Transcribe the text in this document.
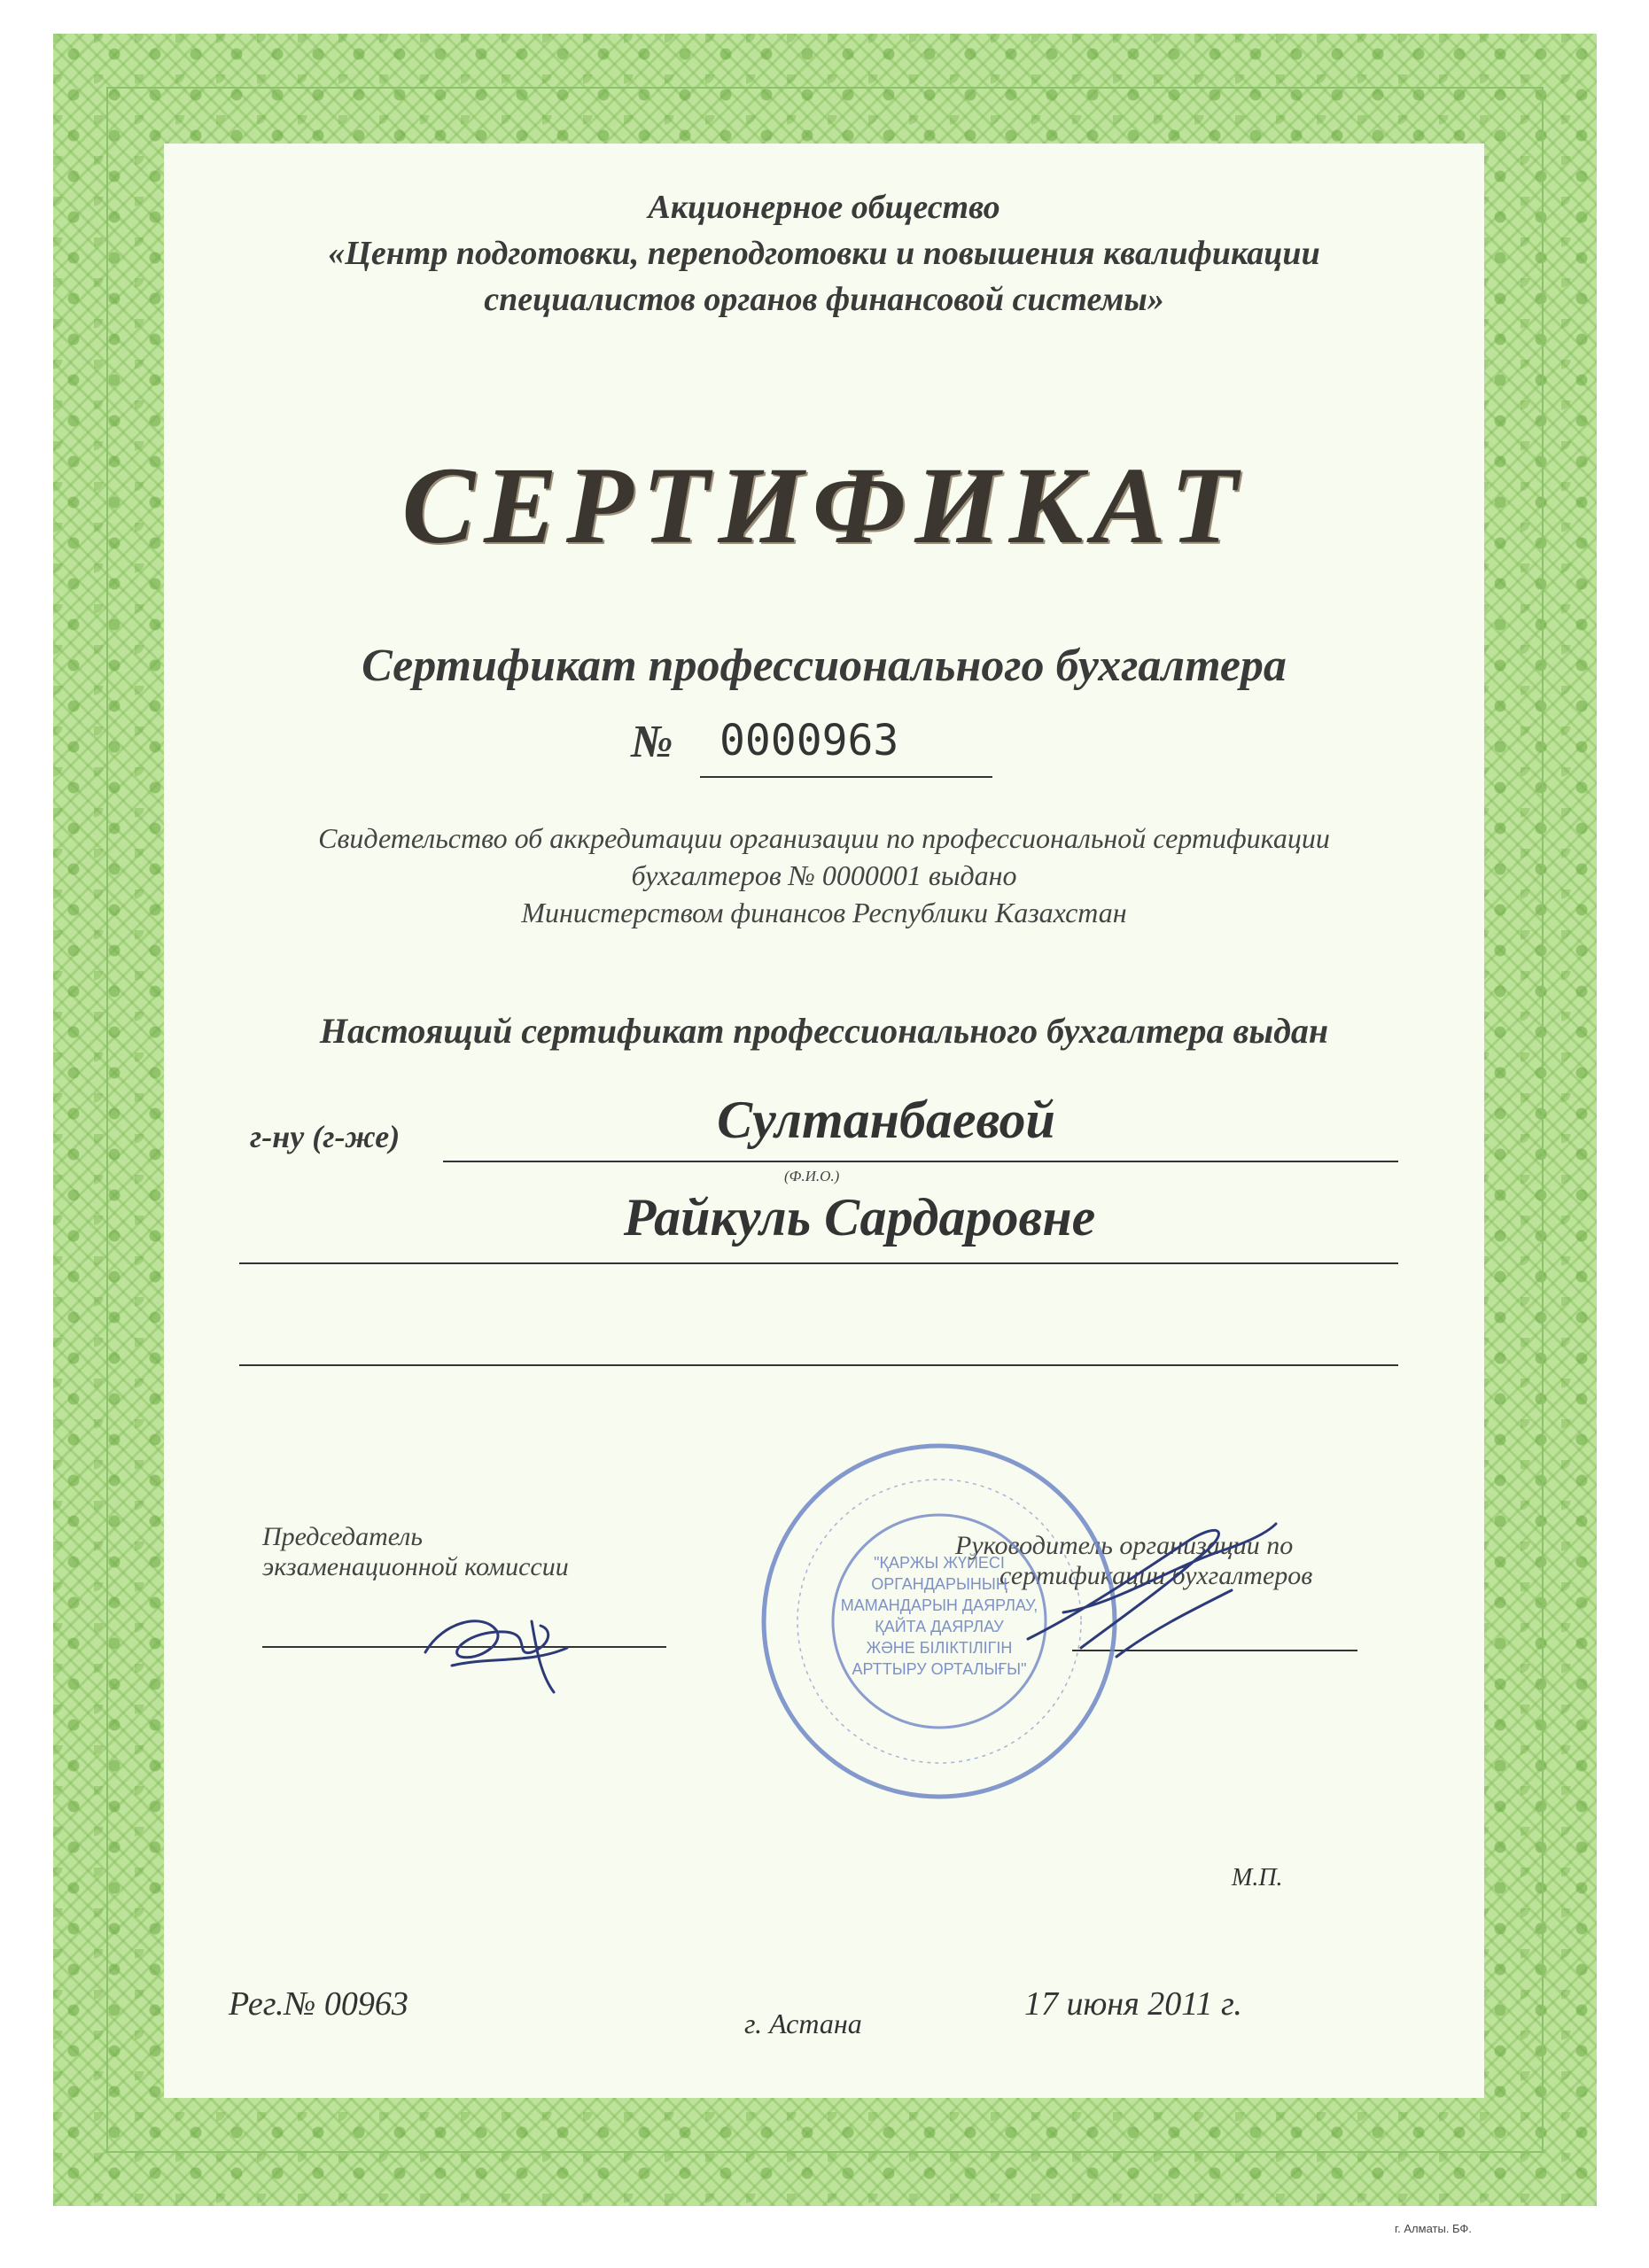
Акционерное общество
«Центр подготовки, переподготовки и повышения квалификации
специалистов органов финансовой системы»
СЕРТИФИКАТ
Сертификат профессионального бухгалтера
№	0000963
Свидетельство об аккредитации организации по профессиональной сертификации
бухгалтеров № 0000001 выдано
Министерством финансов Республики Казахстан
Настоящий сертификат профессионального бухгалтера выдан
г-ну (г-же)	Султанбаевой
(Ф.И.О.)
Райкуль Сардаровне
Председатель
экзаменационной комиссии
Руководитель организации по
сертификации бухгалтеров
"ҚАРЖЫ ЖҮЙЕСІ
ОРГАНДАРЫНЫҢ
МАМАНДАРЫН ДАЯРЛАУ,
ҚАЙТА ДАЯРЛАУ
ЖӘНЕ БІЛІКТІЛІГІН
АРТТЫРУ ОРТАЛЫҒЫ"
М.П.
Рег.№ 00963
г. Астана
17 июня 2011 г.
г. Алматы. БФ.
